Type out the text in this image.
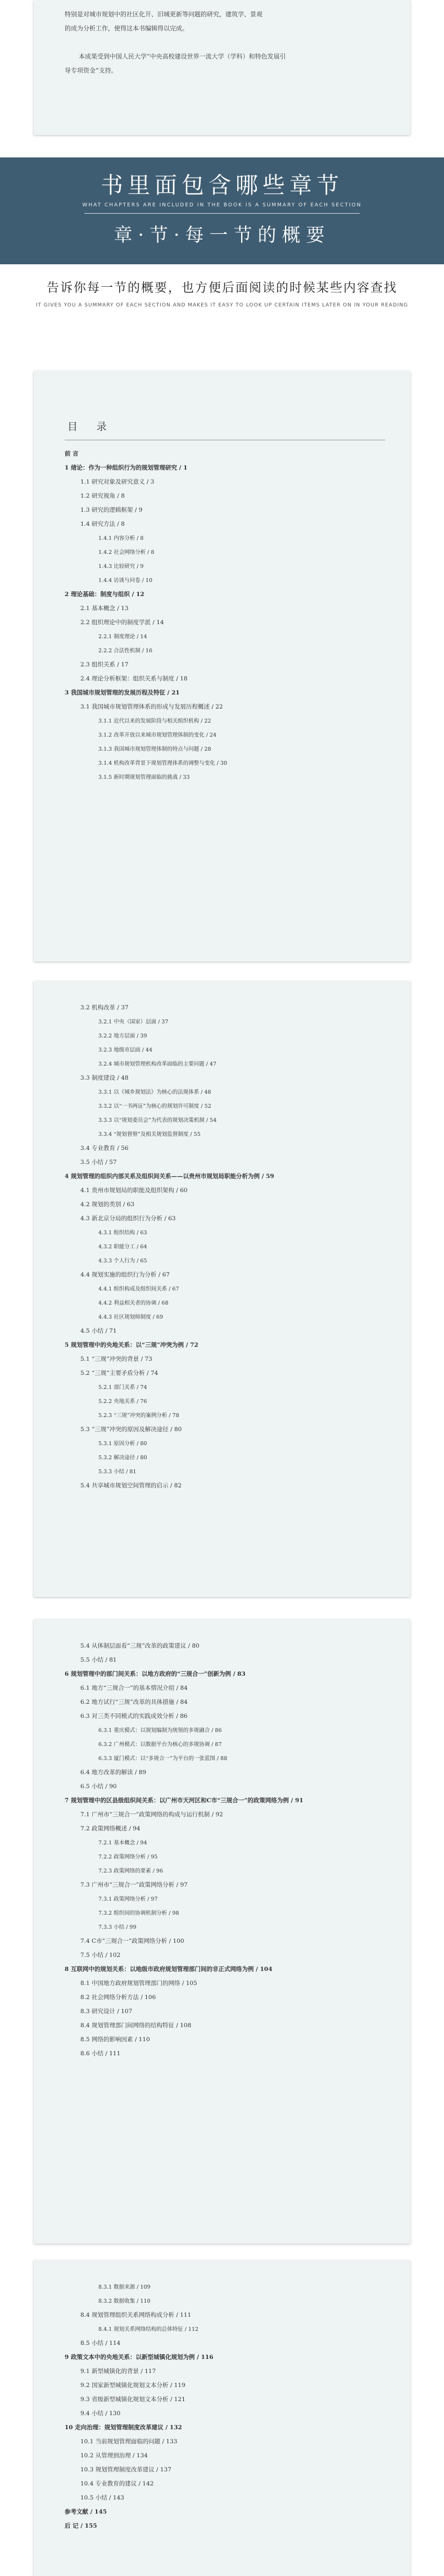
特别是对城市规划中的社区化开、旧城更新等问题的研究，建筑学、景观
的成为分析工作，使得这本书编辑得以完成。
本成果受到中国人民大学“中央高校建设世界一流大学（学科）和特色发展引
导专项资金”支持。
书里面包含哪些章节
WHAT CHAPTERS ARE INCLUDED IN THE BOOK IS A SUMMARY OF EACH SECTION
章·节·每一节的概要
告诉你每一节的概要，也方便后面阅读的时候某些内容查找
IT GIVES YOU A SUMMARY OF EACH SECTION AND MAKES IT EASY TO LOOK UP CERTAIN ITEMS LATER ON IN YOUR READING
目 录
前 言
1 绪论：作为一种组织行为的规划管理研究 / 1
1.1 研究对象及研究意义 / 3
1.2 研究视角 / 8
1.3 研究的逻辑框架 / 9
1.4 研究方法 / 8
1.4.1 内容分析 / 8
1.4.2 社会网络分析 / 8
1.4.3 比较研究 / 9
1.4.4 访谈与问卷 / 10
2 理论基础：制度与组织 / 12
2.1 基本概念 / 13
2.2 组织理论中的制度学派 / 14
2.2.1 制度理论 / 14
2.2.2 合法性机制 / 16
2.3 组织关系 / 17
2.4 理论分析框架：组织关系与制度 / 18
3 我国城市规划管理的发展历程及特征 / 21
3.1 我国城市规划管理体系的形成与发展历程概述 / 22
3.1.1 近代以来的发展阶段与相关组织机构 / 22
3.1.2 改革开放以来城市规划管理体制的变化 / 24
3.1.3 我国城市规划管理体制的特点与问题 / 28
3.1.4 机构改革背景下规划管理体系的调整与变化 / 30
3.1.5 新时期规划管理面临的挑战 / 33
3.2 机构改革 / 37
3.2.1 中央（国家）层面 / 37
3.2.2 地方层面 / 39
3.2.3 地级市层面 / 44
3.2.4 城市规划管理机构改革面临的主要问题 / 47
3.3 制度建设 / 48
3.3.1 以《城乡规划法》为核心的法规体系 / 48
3.3.2 以“一书两证”为核心的规划许可制度 / 52
3.3.3 以“规划委员会”为代表的规划决策机制 / 54
3.3.4 “规划督察”及相关规划监督制度 / 55
3.4 专业教育 / 56
3.5 小结 / 57
4 规划管理的组织内部关系及组织间关系——以贵州市规划局职能分析为例 / 59
4.1 贵州市规划局的职能及组织架构 / 60
4.2 规划的类别 / 63
4.3 新北京分局的组织行为分析 / 63
4.3.1 组织结构 / 63
4.3.2 职能分工 / 64
4.3.3 个人行为 / 65
4.4 规划实施的组织行为分析 / 67
4.4.1 组织构成及组织间关系 / 67
4.4.2 利益相关者的协调 / 68
4.4.3 社区规划师制度 / 69
4.5 小结 / 71
5 规划管理中的央地关系：以“三规”冲突为例 / 72
5.1 “三规”冲突的背景 / 73
5.2 “三规”主要矛盾分析 / 74
5.2.1 部门关系 / 74
5.2.2 央地关系 / 76
5.2.3 “三规”冲突的案例分析 / 78
5.3 “三规”冲突的原因及解决途径 / 80
5.3.1 原因分析 / 80
5.3.2 解决途径 / 80
5.3.3 小结 / 81
5.4 共享城市规划空间管理的启示 / 82
5.4 从体制层面看“三规”改革的政策建议 / 80
5.5 小结 / 81
6 规划管理中的部门间关系：以地方政府的“三规合一”创新为例 / 83
6.1 地方“三规合一”的基本情况介绍 / 84
6.2 地方试行“三规”改革的具体措施 / 84
6.3 对三类不同模式的实践成效分析 / 86
6.3.1 重庆模式：以规划编制为统领的多规融合 / 86
6.3.2 广州模式：以数据平台为核心的多规协调 / 87
6.3.3 厦门模式：以“多规合一”为平台的一张蓝图 / 88
6.4 地方改革的解读 / 89
6.5 小结 / 90
7 规划管理中的区县级组织间关系：以广州市天河区和C市“三规合一”的政策网络为例 / 91
7.1 广州市“三规合一”政策网络的构成与运行机制 / 92
7.2 政策网络概述 / 94
7.2.1 基本概念 / 94
7.2.2 政策网络分析 / 95
7.2.3 政策网络的要素 / 96
7.3 广州市“三规合一”政策网络分析 / 97
7.3.1 政策网络分析 / 97
7.3.2 组织间的协调机制分析 / 98
7.3.3 小结 / 99
7.4 C市“三规合一”政策网络分析 / 100
7.5 小结 / 102
8 互联网中的规划关系：以地级市政府规划管理部门间的非正式网络为例 / 104
8.1 中国地方政府规划管理部门的网络 / 105
8.2 社会网络分析方法 / 106
8.3 研究设计 / 107
8.4 规划管理部门间网络的结构特征 / 108
8.5 网络的影响因素 / 110
8.6 小结 / 111
8.3.1 数据来源 / 109
8.3.2 数据收集 / 110
8.4 规划管理组织关系网络构成分析 / 111
8.4.1 规划关系网络结构的总体特征 / 112
8.5 小结 / 114
9 政策文本中的央地关系：以新型城镇化规划为例 / 116
9.1 新型城镇化的背景 / 117
9.2 国家新型城镇化规划文本分析 / 119
9.3 省级新型城镇化规划文本分析 / 121
9.4 小结 / 130
10 走向治理：规划管理制度改革建议 / 132
10.1 当前规划管理面临的问题 / 133
10.2 从管理到治理 / 134
10.3 规划管理制度改革建议 / 137
10.4 专业教育的建议 / 142
10.5 小结 / 143
参考文献 / 145
后 记 / 155
